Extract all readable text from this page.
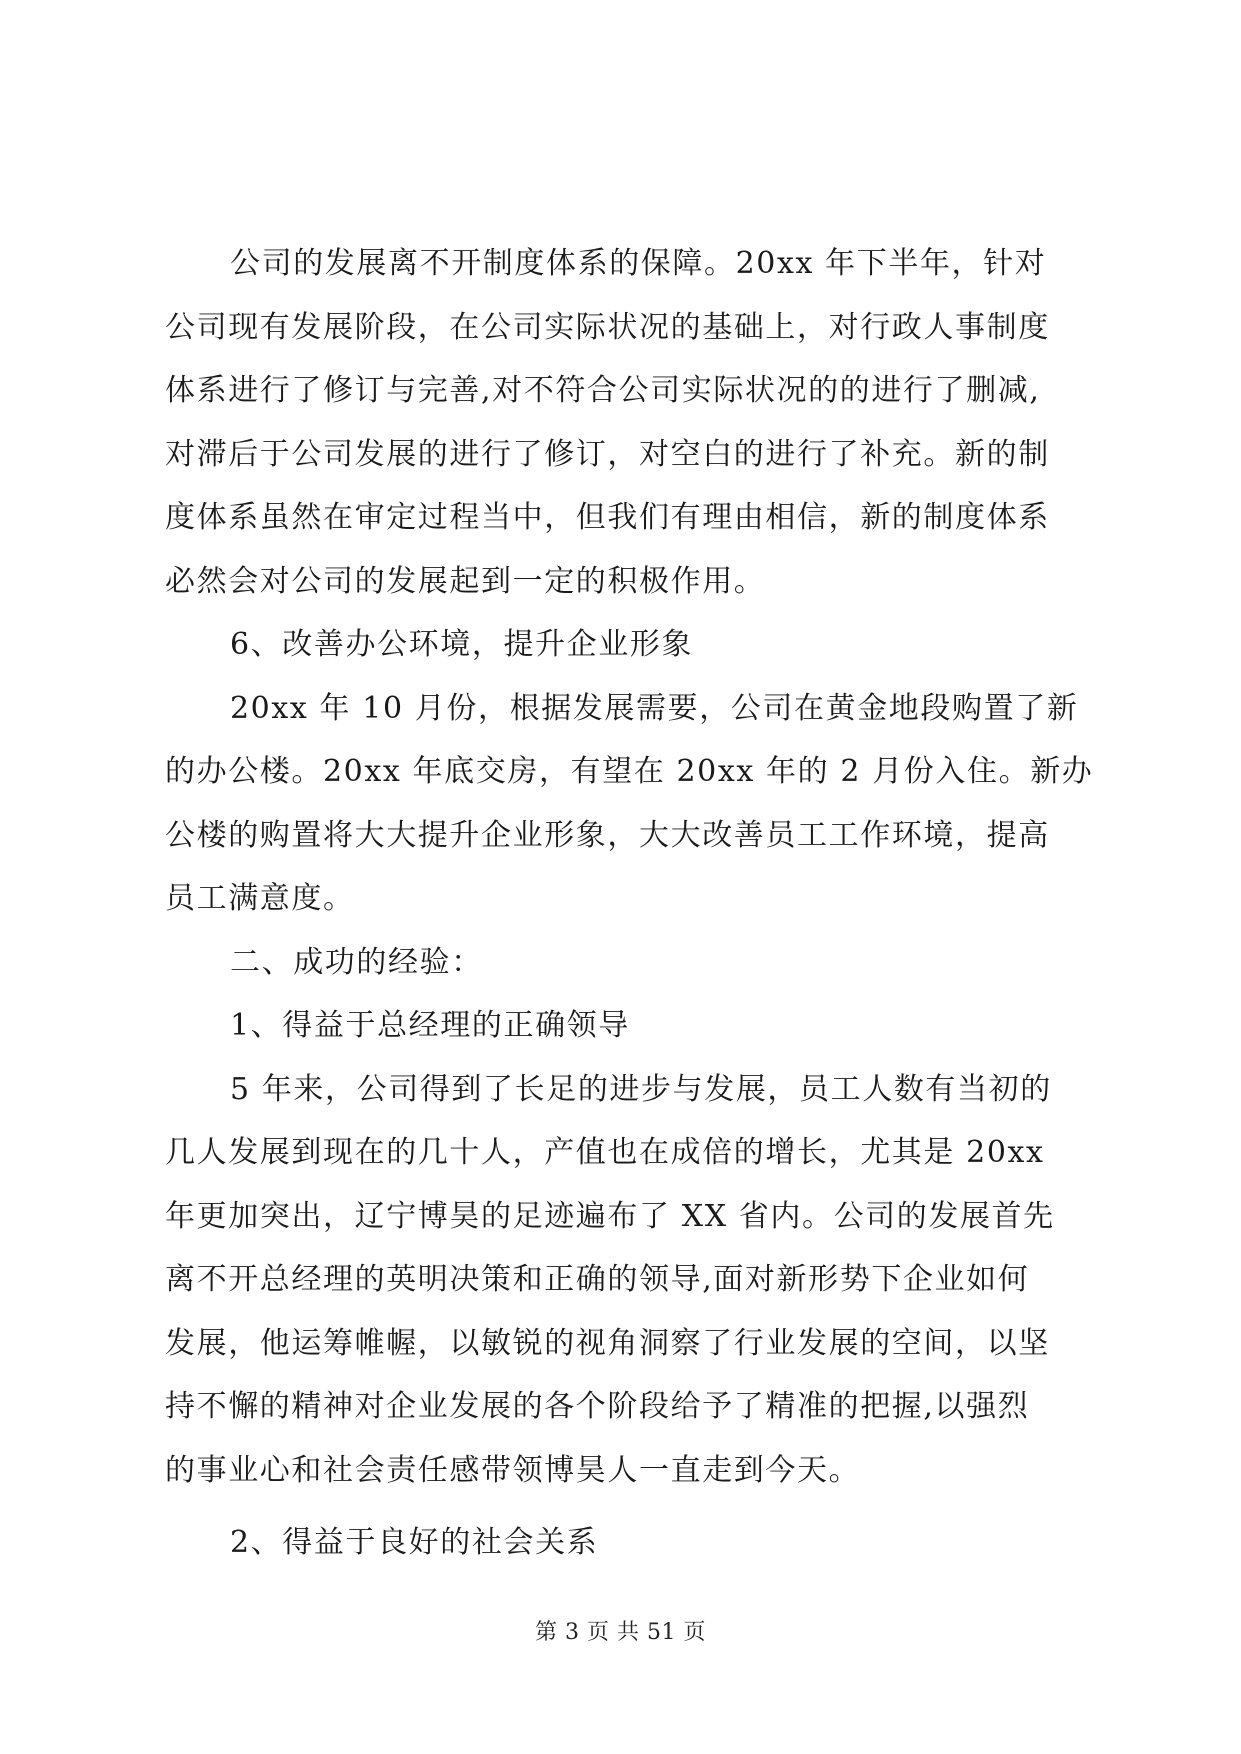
公司的发展离不开制度体系的保障。20xx 年下半年，针对
公司现有发展阶段，在公司实际状况的基础上，对行政人事制度
体系进行了修订与完善,对不符合公司实际状况的的进行了删减,
对滞后于公司发展的进行了修订，对空白的进行了补充。新的制
度体系虽然在审定过程当中，但我们有理由相信，新的制度体系
必然会对公司的发展起到一定的积极作用。
6、改善办公环境，提升企业形象
20xx 年 10 月份，根据发展需要，公司在黄金地段购置了新
的办公楼。20xx 年底交房，有望在 20xx 年的 2 月份入住。新办
公楼的购置将大大提升企业形象，大大改善员工工作环境，提高
员工满意度。
二、成功的经验：
1、得益于总经理的正确领导
5 年来，公司得到了长足的进步与发展，员工人数有当初的
几人发展到现在的几十人，产值也在成倍的增长，尤其是 20xx
年更加突出，辽宁博昊的足迹遍布了 XX 省内。公司的发展首先
离不开总经理的英明决策和正确的领导,面对新形势下企业如何
发展，他运筹帷幄，以敏锐的视角洞察了行业发展的空间，以坚
持不懈的精神对企业发展的各个阶段给予了精准的把握,以强烈
的事业心和社会责任感带领博昊人一直走到今天。
2、得益于良好的社会关系
第 3 页 共 51 页
